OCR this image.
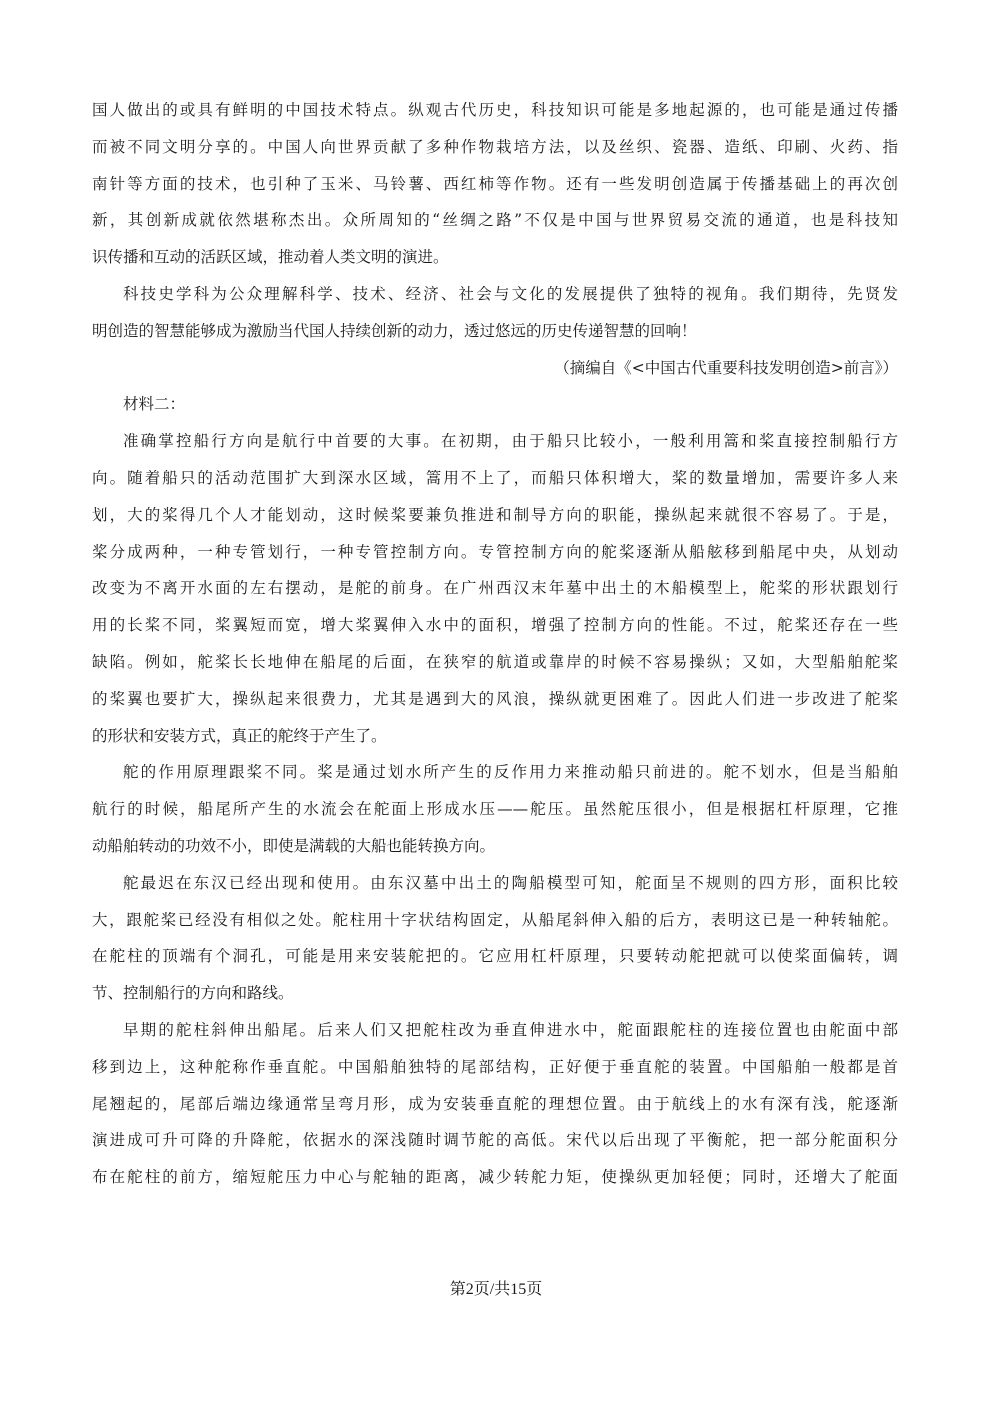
国人做出的或具有鲜明的中国技术特点。纵观古代历史，科技知识可能是多地起源的，也可能是通过传播
而被不同文明分享的。中国人向世界贡献了多种作物栽培方法，以及丝织、瓷器、造纸、印刷、火药、指
南针等方面的技术，也引种了玉米、马铃薯、西红柿等作物。还有一些发明创造属于传播基础上的再次创
新，其创新成就依然堪称杰出。众所周知的“丝绸之路”不仅是中国与世界贸易交流的通道，也是科技知
识传播和互动的活跃区域，推动着人类文明的演进。
科技史学科为公众理解科学、技术、经济、社会与文化的发展提供了独特的视角。我们期待，先贤发
明创造的智慧能够成为激励当代国人持续创新的动力，透过悠远的历史传递智慧的回响！
（摘编自《<中国古代重要科技发明创造>前言》）
材料二：
准确掌控船行方向是航行中首要的大事。在初期，由于船只比较小，一般利用篙和桨直接控制船行方
向。随着船只的活动范围扩大到深水区域，篙用不上了，而船只体积增大，桨的数量增加，需要许多人来
划，大的桨得几个人才能划动，这时候桨要兼负推进和制导方向的职能，操纵起来就很不容易了。于是，
桨分成两种，一种专管划行，一种专管控制方向。专管控制方向的舵桨逐渐从船舷移到船尾中央，从划动
改变为不离开水面的左右摆动，是舵的前身。在广州西汉末年墓中出土的木船模型上，舵桨的形状跟划行
用的长桨不同，桨翼短而宽，增大桨翼伸入水中的面积，增强了控制方向的性能。不过，舵桨还存在一些
缺陷。例如，舵桨长长地伸在船尾的后面，在狭窄的航道或靠岸的时候不容易操纵；又如，大型船舶舵桨
的桨翼也要扩大，操纵起来很费力，尤其是遇到大的风浪，操纵就更困难了。因此人们进一步改进了舵桨
的形状和安装方式，真正的舵终于产生了。
舵的作用原理跟桨不同。桨是通过划水所产生的反作用力来推动船只前进的。舵不划水，但是当船舶
航行的时候，船尾所产生的水流会在舵面上形成水压——舵压。虽然舵压很小，但是根据杠杆原理，它推
动船舶转动的功效不小，即使是满载的大船也能转换方向。
舵最迟在东汉已经出现和使用。由东汉墓中出土的陶船模型可知，舵面呈不规则的四方形，面积比较
大，跟舵桨已经没有相似之处。舵柱用十字状结构固定，从船尾斜伸入船的后方，表明这已是一种转轴舵。
在舵柱的顶端有个洞孔，可能是用来安装舵把的。它应用杠杆原理，只要转动舵把就可以使桨面偏转，调
节、控制船行的方向和路线。
早期的舵柱斜伸出船尾。后来人们又把舵柱改为垂直伸进水中，舵面跟舵柱的连接位置也由舵面中部
移到边上，这种舵称作垂直舵。中国船舶独特的尾部结构，正好便于垂直舵的装置。中国船舶一般都是首
尾翘起的，尾部后端边缘通常呈弯月形，成为安装垂直舵的理想位置。由于航线上的水有深有浅，舵逐渐
演进成可升可降的升降舵，依据水的深浅随时调节舵的高低。宋代以后出现了平衡舵，把一部分舵面积分
布在舵柱的前方，缩短舵压力中心与舵轴的距离，减少转舵力矩，使操纵更加轻便；同时，还增大了舵面
第2页/共15页
